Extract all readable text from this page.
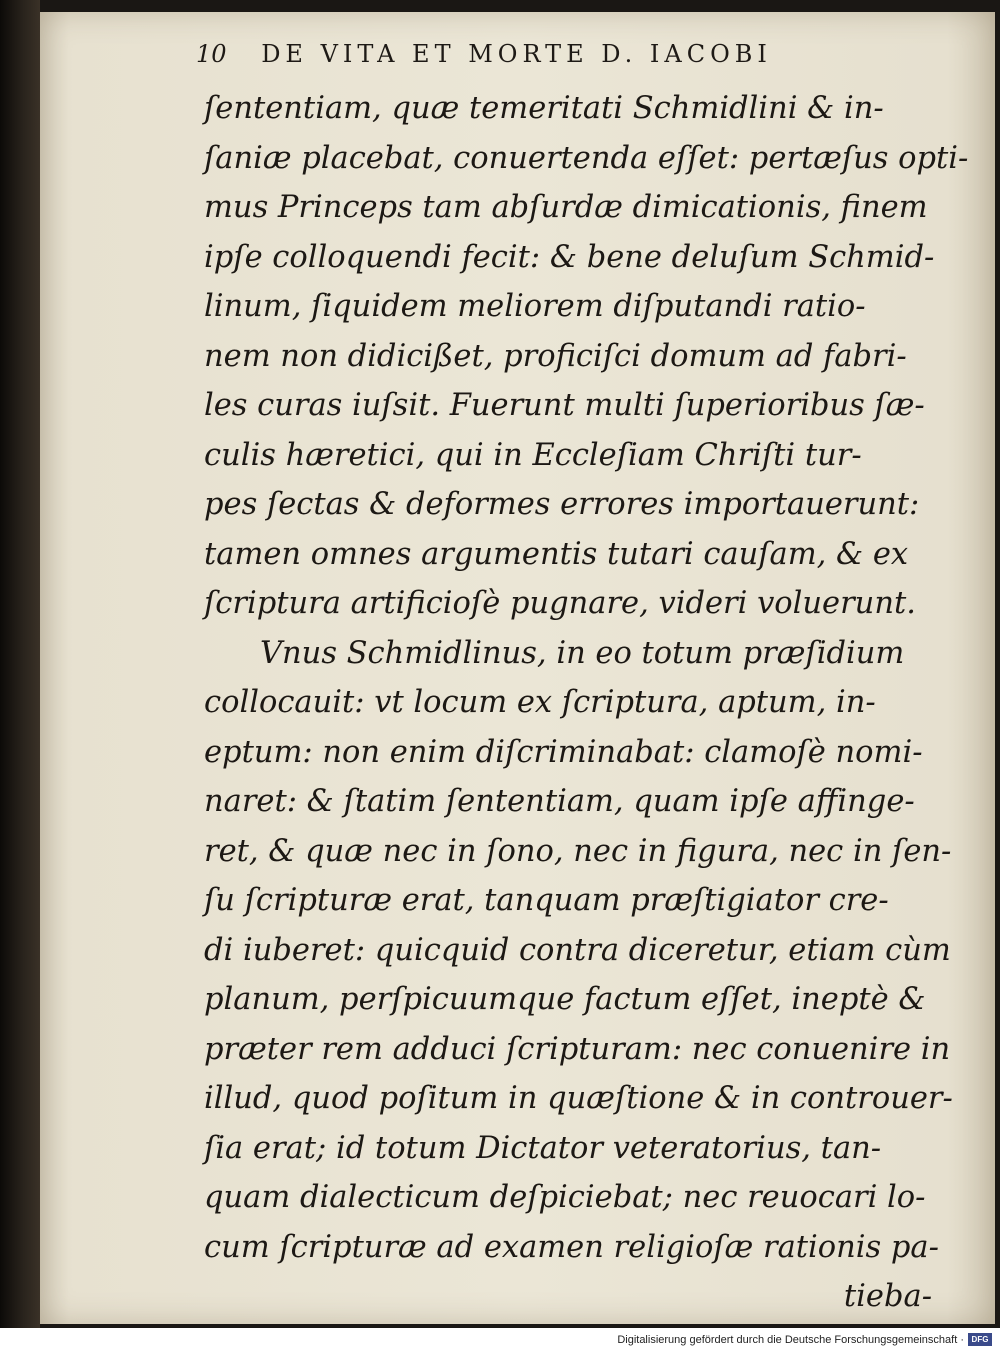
10 DE VITA ET MORTE D. IACOBI
ſententiam, quæ temeritati Schmidlini & in-
ſaniæ placebat, conuertenda eſſet: pertæſus opti-
mus Princeps tam abſurdæ dimicationis, finem
ipſe colloquendi fecit: & bene deluſum Schmid-
linum, ſiquidem meliorem diſputandi ratio-
nem non didicißet, proficiſci domum ad fabri-
les curas iuſsit. Fuerunt multi ſuperioribus ſæ-
culis hæretici, qui in Eccleſiam Chriſti tur-
pes ſectas & deformes errores importauerunt:
tamen omnes argumentis tutari cauſam, & ex
ſcriptura artificioſè pugnare, videri voluerunt.
Vnus Schmidlinus, in eo totum præſidium
collocauit: vt locum ex ſcriptura, aptum, in-
eptum: non enim diſcriminabat: clamoſè nomi-
naret: & ſtatim ſententiam, quam ipſe affinge-
ret, & quæ nec in ſono, nec in figura, nec in ſen-
ſu ſcripturæ erat, tanquam præſtigiator cre-
di iuberet: quicquid contra diceretur, etiam cùm
planum, perſpicuumque factum eſſet, ineptè &
præter rem adduci ſcripturam: nec conuenire in
illud, quod poſitum in quæſtione & in controuer-
ſia erat; id totum Dictator veteratorius, tan-
quam dialecticum deſpiciebat; nec reuocari lo-
cum ſcripturæ ad examen religioſæ rationis pa-
tieba-
Digitalisierung gefördert durch die Deutsche Forschungsgemeinschaft · DFG
